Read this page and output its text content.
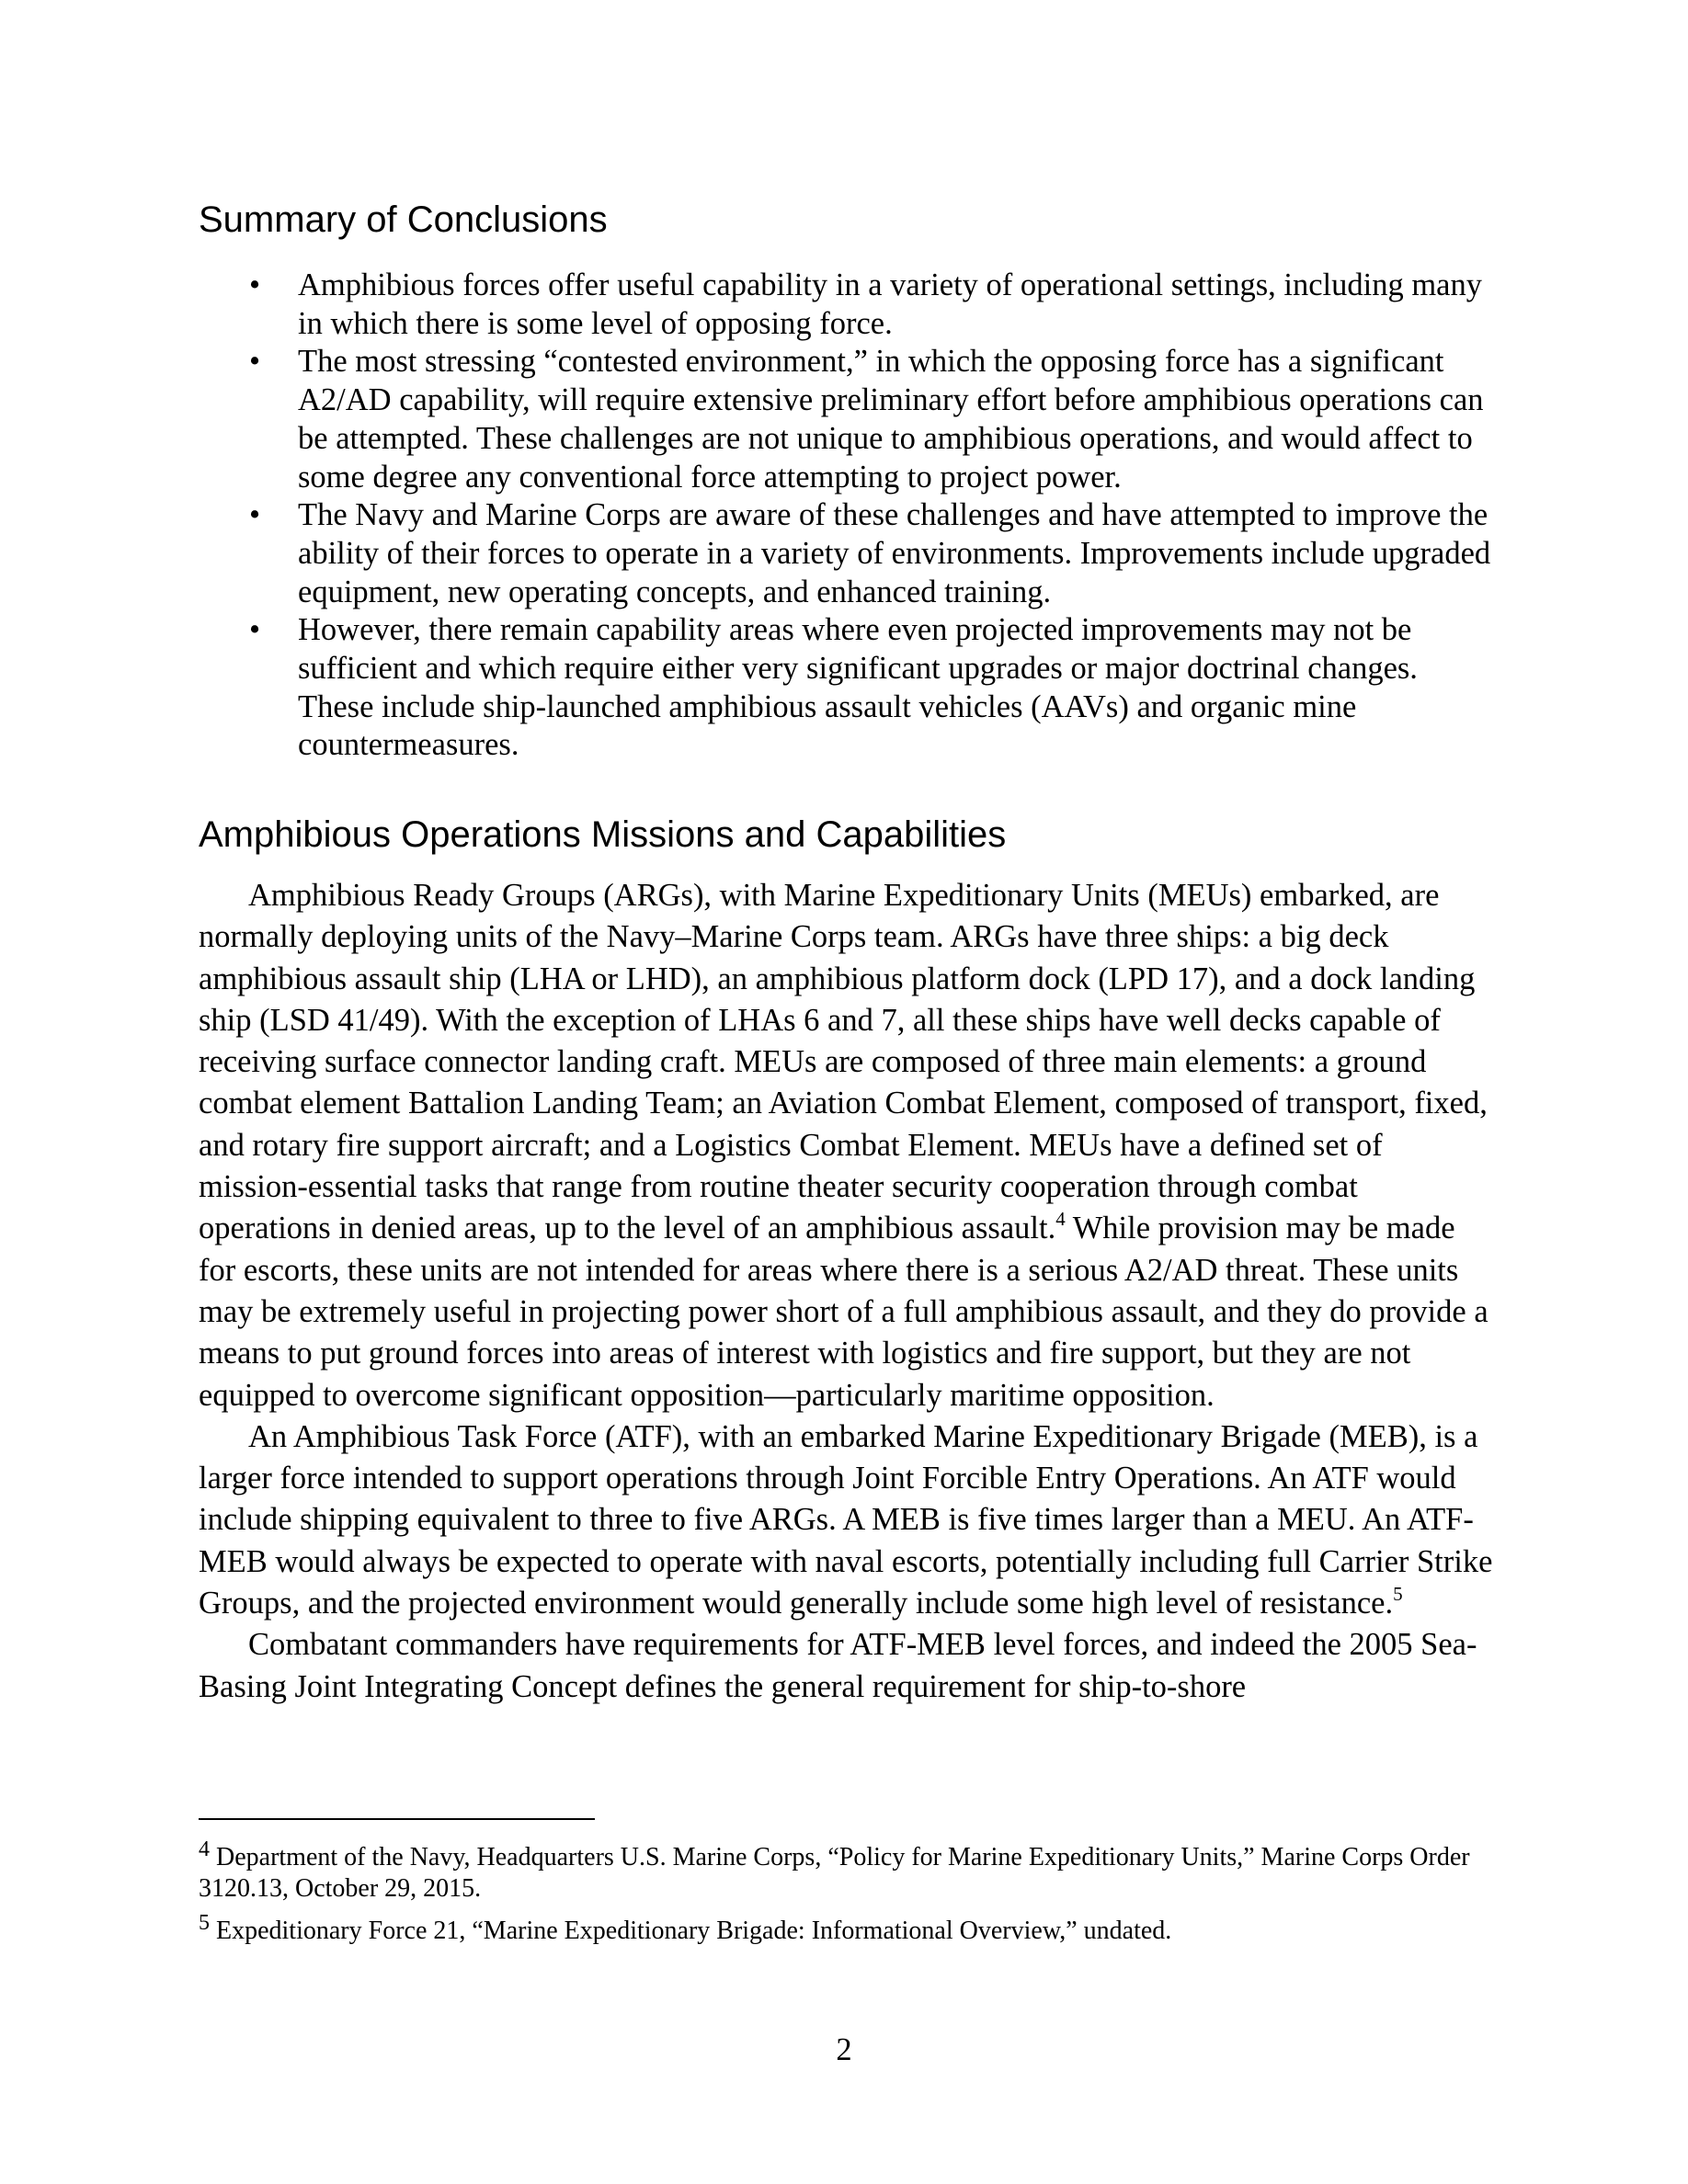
Summary of Conclusions
• Amphibious forces offer useful capability in a variety of operational settings, including many in which there is some level of opposing force.
• The most stressing “contested environment,” in which the opposing force has a significant A2/AD capability, will require extensive preliminary effort before amphibious operations can be attempted. These challenges are not unique to amphibious operations, and would affect to some degree any conventional force attempting to project power.
• The Navy and Marine Corps are aware of these challenges and have attempted to improve the ability of their forces to operate in a variety of environments. Improvements include upgraded equipment, new operating concepts, and enhanced training.
• However, there remain capability areas where even projected improvements may not be sufficient and which require either very significant upgrades or major doctrinal changes. These include ship-launched amphibious assault vehicles (AAVs) and organic mine countermeasures.
Amphibious Operations Missions and Capabilities

Amphibious Ready Groups (ARGs), with Marine Expeditionary Units (MEUs) embarked, are normally deploying units of the Navy–Marine Corps team. ARGs have three ships: a big deck amphibious assault ship (LHA or LHD), an amphibious platform dock (LPD 17), and a dock landing ship (LSD 41/49). With the exception of LHAs 6 and 7, all these ships have well decks capable of receiving surface connector landing craft. MEUs are composed of three main elements: a ground combat element Battalion Landing Team; an Aviation Combat Element, composed of transport, fixed, and rotary fire support aircraft; and a Logistics Combat Element. MEUs have a defined set of mission-essential tasks that range from routine theater security cooperation through combat operations in denied areas, up to the level of an amphibious assault.$^4$ While provision may be made for escorts, these units are not intended for areas where there is a serious A2/AD threat. These units may be extremely useful in projecting power short of a full amphibious assault, and they do provide a means to put ground forces into areas of interest with logistics and fire support, but they are not equipped to overcome significant opposition—particularly maritime opposition.

An Amphibious Task Force (ATF), with an embarked Marine Expeditionary Brigade (MEB), is a larger force intended to support operations through Joint Forcible Entry Operations. An ATF would include shipping equivalent to three to five ARGs. A MEB is five times larger than a MEU. An ATF-MEB would always be expected to operate with naval escorts, potentially including full Carrier Strike Groups, and the projected environment would generally include some high level of resistance.$^5$

Combatant commanders have requirements for ATF-MEB level forces, and indeed the 2005 Sea-Basing Joint Integrating Concept defines the general requirement for ship-to-shore

$^4$ Department of the Navy, Headquarters U.S. Marine Corps, “Policy for Marine Expeditionary Units,” Marine Corps Order 3120.13, October 29, 2015.

$^5$ Expeditionary Force 21, “Marine Expeditionary Brigade: Informational Overview,” undated.

2
